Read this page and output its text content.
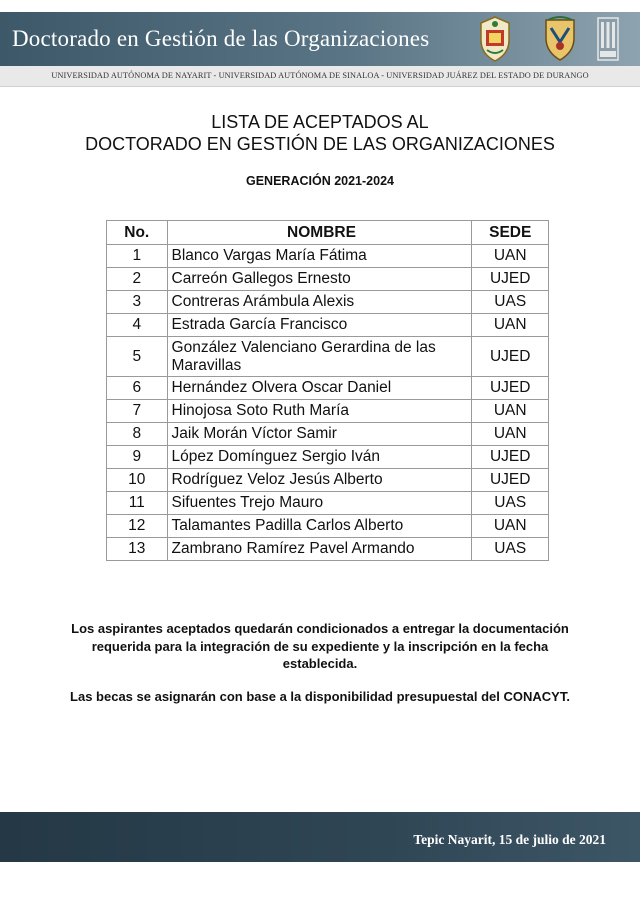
Doctorado en Gestión de las Organizaciones
UNIVERSIDAD AUTÓNOMA DE NAYARIT - UNIVERSIDAD AUTÓNOMA DE SINALOA - UNIVERSIDAD JUÁREZ DEL ESTADO DE DURANGO
LISTA DE ACEPTADOS AL
DOCTORADO EN GESTIÓN DE LAS ORGANIZACIONES
GENERACIÓN 2021-2024
No.	NOMBRE	SEDE
1	Blanco Vargas María Fátima	UAN
2	Carreón Gallegos Ernesto	UJED
3	Contreras Arámbula Alexis	UAS
4	Estrada García Francisco	UAN
5	González Valenciano Gerardina de las Maravillas	UJED
6	Hernández Olvera Oscar Daniel	UJED
7	Hinojosa Soto Ruth María	UAN
8	Jaik Morán Víctor Samir	UAN
9	López Domínguez Sergio Iván	UJED
10	Rodríguez Veloz Jesús Alberto	UJED
11	Sifuentes Trejo Mauro	UAS
12	Talamantes Padilla Carlos Alberto	UAN
13	Zambrano Ramírez Pavel Armando	UAS
Los aspirantes aceptados quedarán condicionados a entregar la documentación requerida para la integración de su expediente y la inscripción en la fecha establecida.
Las becas se asignarán con base a la disponibilidad presupuestal del CONACYT.
Tepic Nayarit, 15 de julio de 2021
